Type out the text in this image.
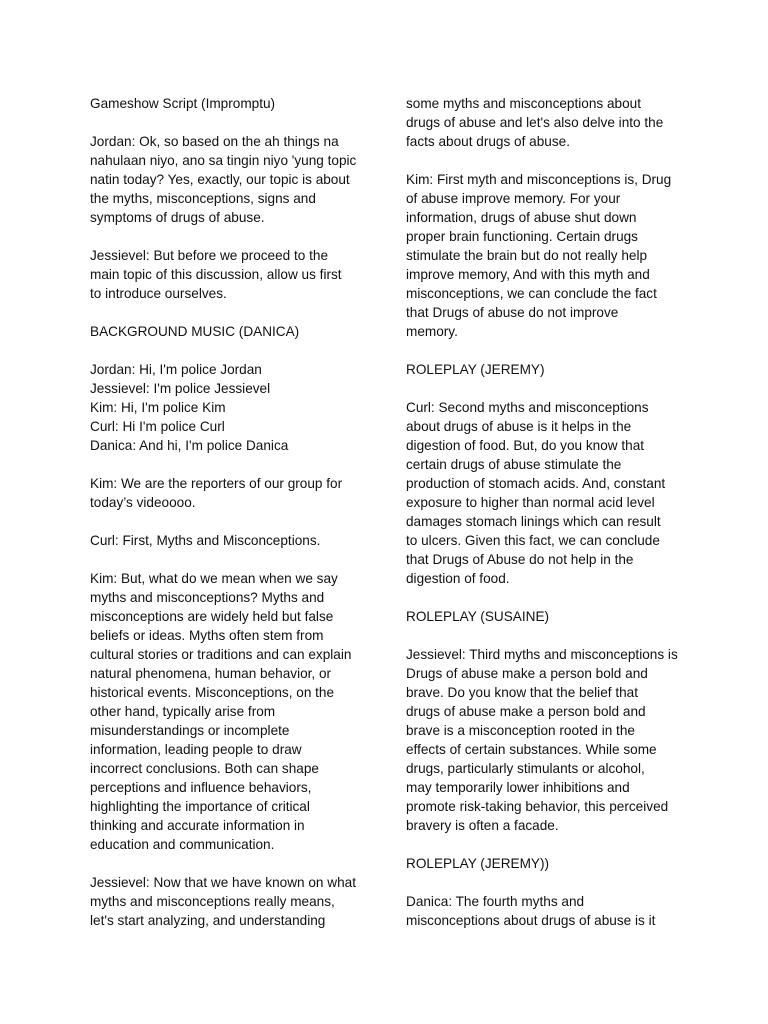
Gameshow Script (Impromptu)

Jordan: Ok, so based on the ah things na
nahulaan niyo, ano sa tingin niyo 'yung topic
natin today? Yes, exactly, our topic is about
the myths, misconceptions, signs and
symptoms of drugs of abuse.

Jessievel: But before we proceed to the
main topic of this discussion, allow us first
to introduce ourselves.

BACKGROUND MUSIC (DANICA)

Jordan: Hi, I'm police Jordan
Jessievel: I'm police Jessievel
Kim: Hi, I'm police Kim
Curl: Hi I'm police Curl
Danica: And hi, I'm police Danica

Kim: We are the reporters of our group for
today’s videoooo.

Curl: First, Myths and Misconceptions.

Kim: But, what do we mean when we say
myths and misconceptions? Myths and
misconceptions are widely held but false
beliefs or ideas. Myths often stem from
cultural stories or traditions and can explain
natural phenomena, human behavior, or
historical events. Misconceptions, on the
other hand, typically arise from
misunderstandings or incomplete
information, leading people to draw
incorrect conclusions. Both can shape
perceptions and influence behaviors,
highlighting the importance of critical
thinking and accurate information in
education and communication.

Jessievel: Now that we have known on what
myths and misconceptions really means,
let's start analyzing, and understanding

some myths and misconceptions about
drugs of abuse and let's also delve into the
facts about drugs of abuse.

Kim: First myth and misconceptions is, Drug
of abuse improve memory. For your
information, drugs of abuse shut down
proper brain functioning. Certain drugs
stimulate the brain but do not really help
improve memory, And with this myth and
misconceptions, we can conclude the fact
that Drugs of abuse do not improve
memory.

ROLEPLAY (JEREMY)

Curl: Second myths and misconceptions
about drugs of abuse is it helps in the
digestion of food. But, do you know that
certain drugs of abuse stimulate the
production of stomach acids. And, constant
exposure to higher than normal acid level
damages stomach linings which can result
to ulcers. Given this fact, we can conclude
that Drugs of Abuse do not help in the
digestion of food.

ROLEPLAY (SUSAINE)

Jessievel: Third myths and misconceptions is
Drugs of abuse make a person bold and
brave. Do you know that the belief that
drugs of abuse make a person bold and
brave is a misconception rooted in the
effects of certain substances. While some
drugs, particularly stimulants or alcohol,
may temporarily lower inhibitions and
promote risk-taking behavior, this perceived
bravery is often a facade.

ROLEPLAY (JEREMY))

Danica: The fourth myths and
misconceptions about drugs of abuse is it
